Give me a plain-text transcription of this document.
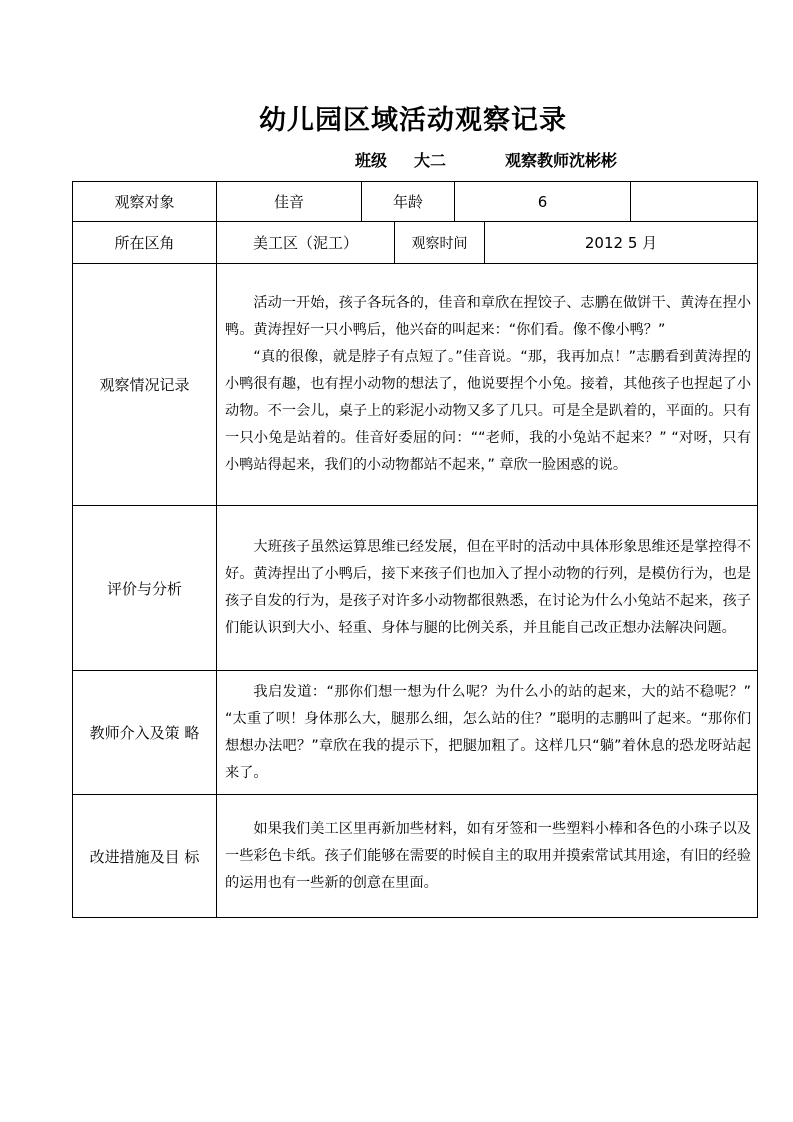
幼儿园区域活动观察记录
班级 大二	观察教师沈彬彬
观察对象	佳音	年龄		6		
所在区角	美工区（泥工）		观察时间		2012 5 月	
观察情况记录	活动一开始，孩子各玩各的，佳音和章欣在捏饺子、志鹏在做饼干、黄涛在捏小鸭。黄涛捏好一只小鸭后，他兴奋的叫起来：“你们看。像不像小鸭？”

“真的很像，就是脖子有点短了。”佳音说。“那，我再加点！”志鹏看到黄涛捏的小鸭很有趣，也有捏小动物的想法了，他说要捏个小兔。接着，其他孩子也捏起了小动物。不一会儿，桌子上的彩泥小动物又多了几只。可是全是趴着的，平面的。只有一只小兔是站着的。佳音好委屈的问：““老师，我的小兔站不起来？” “对呀，只有小鸭站得起来，我们的小动物都站不起来，” 章欣一脸困惑的说。					

评价与分析	大班孩子虽然运算思维已经发展，但在平时的活动中具体形象思维还是掌控得不好。黄涛捏出了小鸭后，接下来孩子们也加入了捏小动物的行列，是模仿行为，也是孩子自发的行为，是孩子对许多小动物都很熟悉，在讨论为什么小兔站不起来，孩子们能认识到大小、轻重、身体与腿的比例关系，并且能自己改正想办法解决问题。					

教师介入及策 略	我启发道：“那你们想一想为什么呢？为什么小的站的起来，大的站不稳呢？” “太重了呗！身体那么大，腿那么细，怎么站的住？”聪明的志鹏叫了起来。“那你们想想办法吧？”章欣在我的提示下，把腿加粗了。这样几只“躺”着休息的恐龙呀站起来了。					

改进措施及目 标	如果我们美工区里再新加些材料，如有牙签和一些塑料小棒和各色的小珠子以及一些彩色卡纸。孩子们能够在需要的时候自主的取用并摸索常试其用途，有旧的经验的运用也有一些新的创意在里面。					
